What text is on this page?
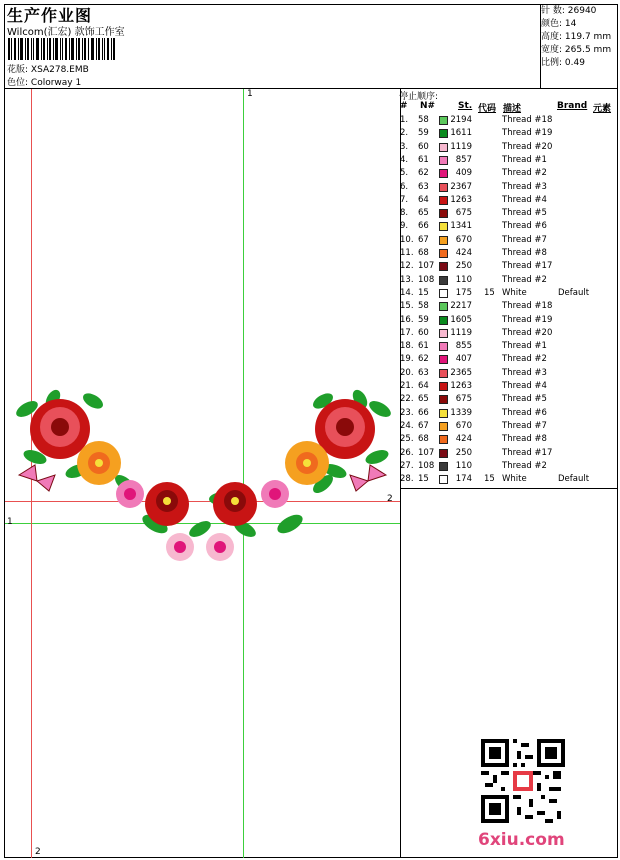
生产作业图
Wilcom(汇宏) 款饰工作室
花版: XSA278.EMB
色位: Colorway 1
针 数: 26940
颜色: 14
高度: 119.7 mm
宽度: 265.5 mm
比例: 0.49
停止顺序:
# N#	St. 代码 描述	Brand 元素
1. 58	2194	Thread #18
2. 59	1611	Thread #19
3. 60	1119	Thread #20
4. 61	857	Thread #1
5. 62	409	Thread #2
6. 63	2367	Thread #3
7. 64	1263	Thread #4
8. 65	675	Thread #5
9. 66	1341	Thread #6
10. 67	670	Thread #7
11. 68	424	Thread #8
12. 107	250	Thread #17
13. 108	110	Thread #2
14. 15	175 15 White	Default
15. 58	2217	Thread #18
16. 59	1605	Thread #19
17. 60	1119	Thread #20
18. 61	855	Thread #1
19. 62	407	Thread #2
20. 63	2365	Thread #3
21. 64	1263	Thread #4
22. 65	675	Thread #5
23. 66	1339	Thread #6
24. 67	670	Thread #7
25. 68	424	Thread #8
26. 107	250	Thread #17
27. 108	110	Thread #2
28. 15	174 15 White	Default
1
1
2
2
6xiu.com
